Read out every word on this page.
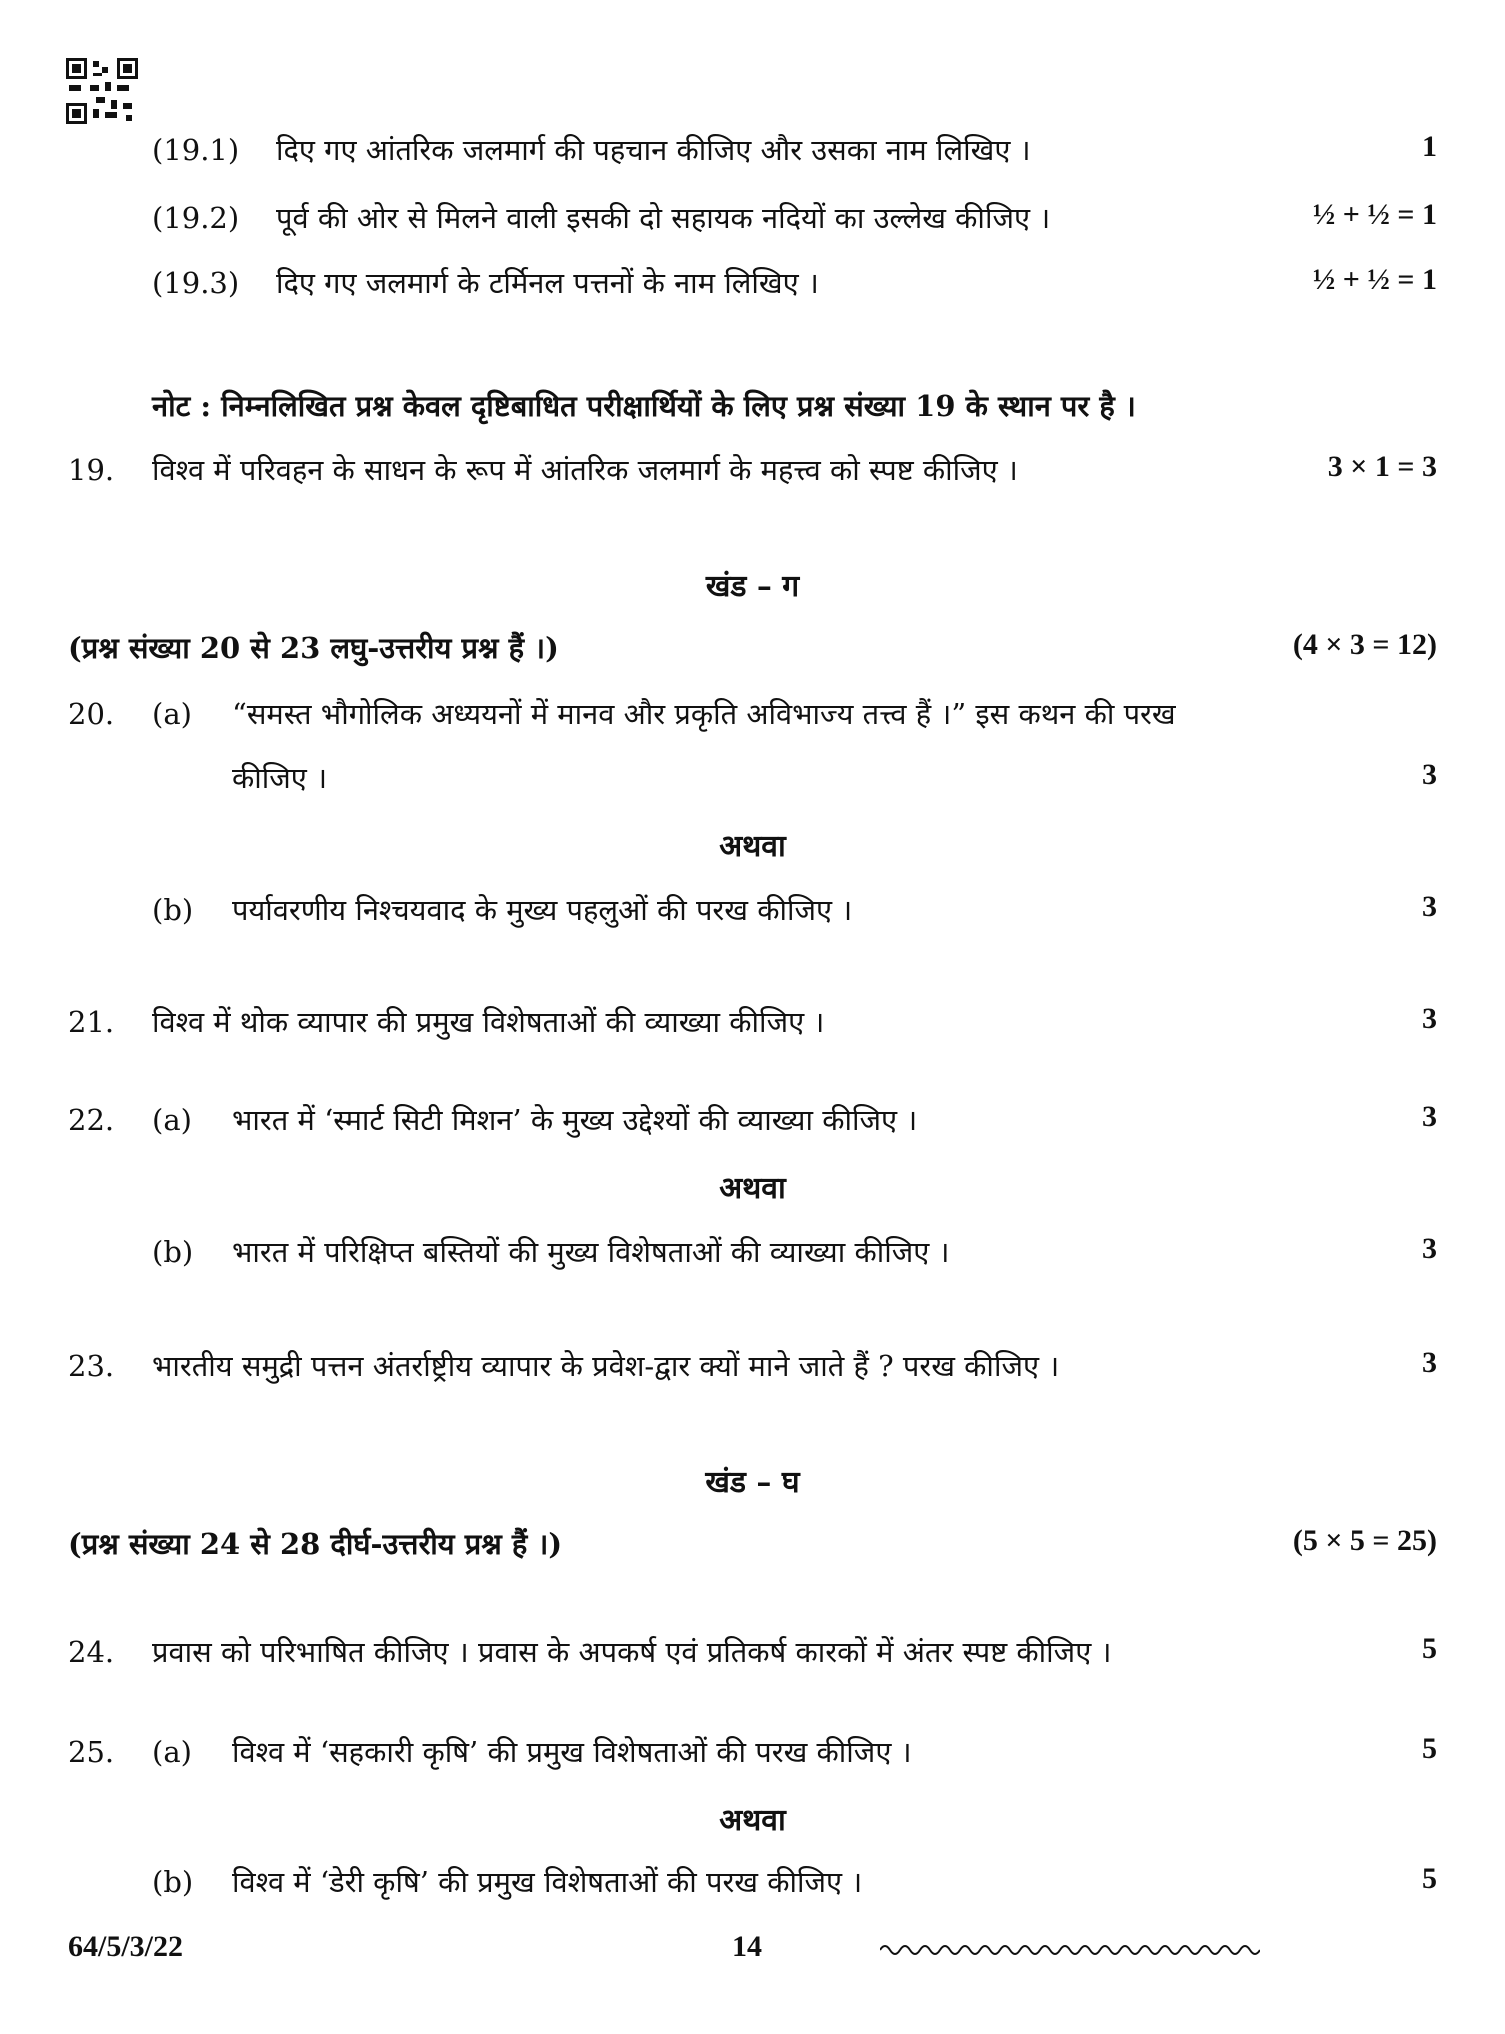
(19.1) दिए गए आंतरिक जलमार्ग की पहचान कीजिए और उसका नाम लिखिए ।	1
(19.2) पूर्व की ओर से मिलने वाली इसकी दो सहायक नदियों का उल्लेख कीजिए ।	½ + ½ = 1
(19.3) दिए गए जलमार्ग के टर्मिनल पत्तनों के नाम लिखिए ।	½ + ½ = 1
नोट : निम्नलिखित प्रश्न केवल दृष्टिबाधित परीक्षार्थियों के लिए प्रश्न संख्या 19 के स्थान पर है ।
19. विश्व में परिवहन के साधन के रूप में आंतरिक जलमार्ग के महत्त्व को स्पष्ट कीजिए ।	3 × 1 = 3
खंड – ग
(प्रश्न संख्या 20 से 23 लघु-उत्तरीय प्रश्न हैं ।)	(4 × 3 = 12)
20. (a) “समस्त भौगोलिक अध्ययनों में मानव और प्रकृति अविभाज्य तत्त्व हैं ।” इस कथन की परख
कीजिए ।	3
अथवा
(b) पर्यावरणीय निश्चयवाद के मुख्य पहलुओं की परख कीजिए ।	3
21. विश्व में थोक व्यापार की प्रमुख विशेषताओं की व्याख्या कीजिए ।	3
22. (a) भारत में ‘स्मार्ट सिटी मिशन’ के मुख्य उद्देश्यों की व्याख्या कीजिए ।	3
अथवा
(b) भारत में परिक्षिप्त बस्तियों की मुख्य विशेषताओं की व्याख्या कीजिए ।	3
23. भारतीय समुद्री पत्तन अंतर्राष्ट्रीय व्यापार के प्रवेश-द्वार क्यों माने जाते हैं ? परख कीजिए ।	3
खंड – घ
(प्रश्न संख्या 24 से 28 दीर्घ-उत्तरीय प्रश्न हैं ।)	(5 × 5 = 25)
24. प्रवास को परिभाषित कीजिए । प्रवास के अपकर्ष एवं प्रतिकर्ष कारकों में अंतर स्पष्ट कीजिए ।	5
25. (a) विश्व में ‘सहकारी कृषि’ की प्रमुख विशेषताओं की परख कीजिए ।	5
अथवा
(b) विश्व में ‘डेरी कृषि’ की प्रमुख विशेषताओं की परख कीजिए ।	5
64/5/3/22	14
